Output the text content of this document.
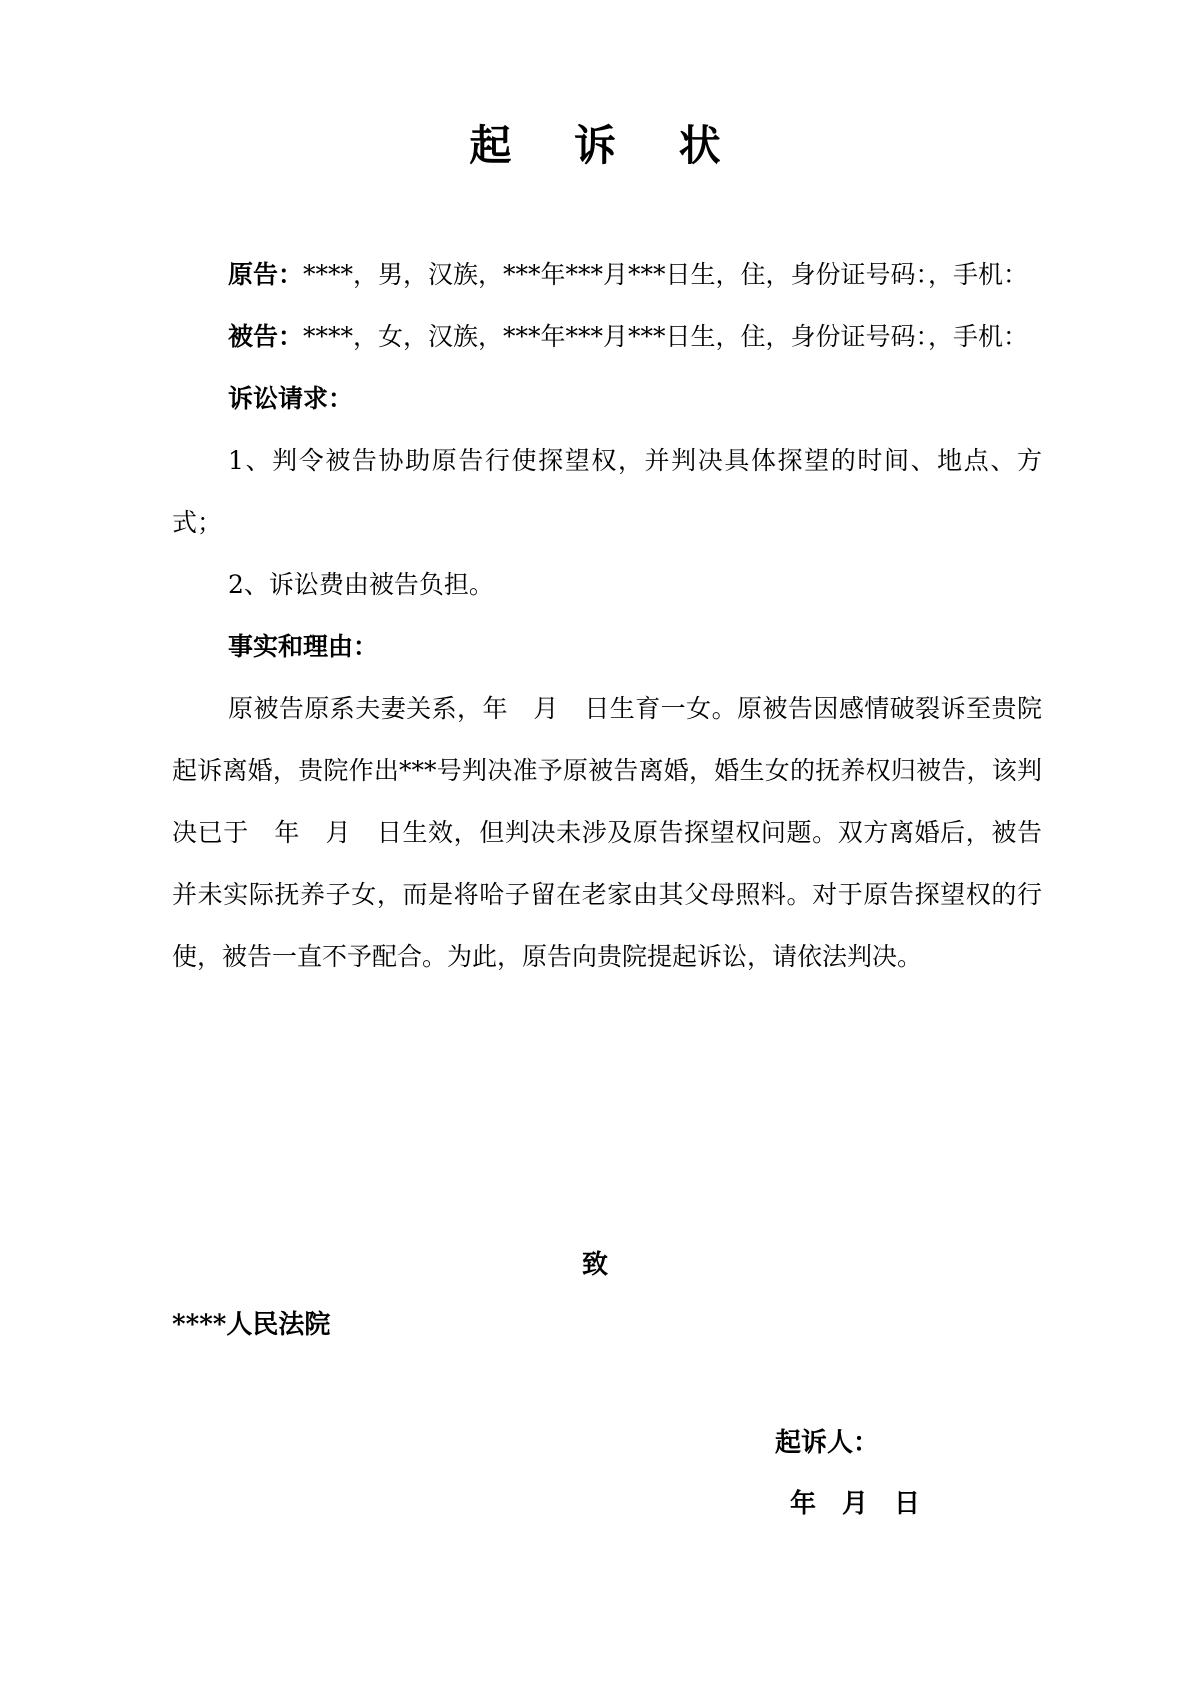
起 诉 状

原告：****，男，汉族，***年***月***日生，住，身份证号码：，手机：

被告：****，女，汉族，***年***月***日生，住，身份证号码：，手机：

诉讼请求：

1、判令被告协助原告行使探望权，并判决具体探望的时间、地点、方式；

2、诉讼费由被告负担。

事实和理由：

原被告原系夫妻关系，年　月　日生育一女。原被告因感情破裂诉至贵院起诉离婚，贵院作出***号判决准予原被告离婚，婚生女的抚养权归被告，该判决已于　年　月　日生效，但判决未涉及原告探望权问题。双方离婚后，被告并未实际抚养子女，而是将哈子留在老家由其父母照料。对于原告探望权的行使，被告一直不予配合。为此，原告向贵院提起诉讼，请依法判决。

致
****人民法院
起诉人：
年　月　日
